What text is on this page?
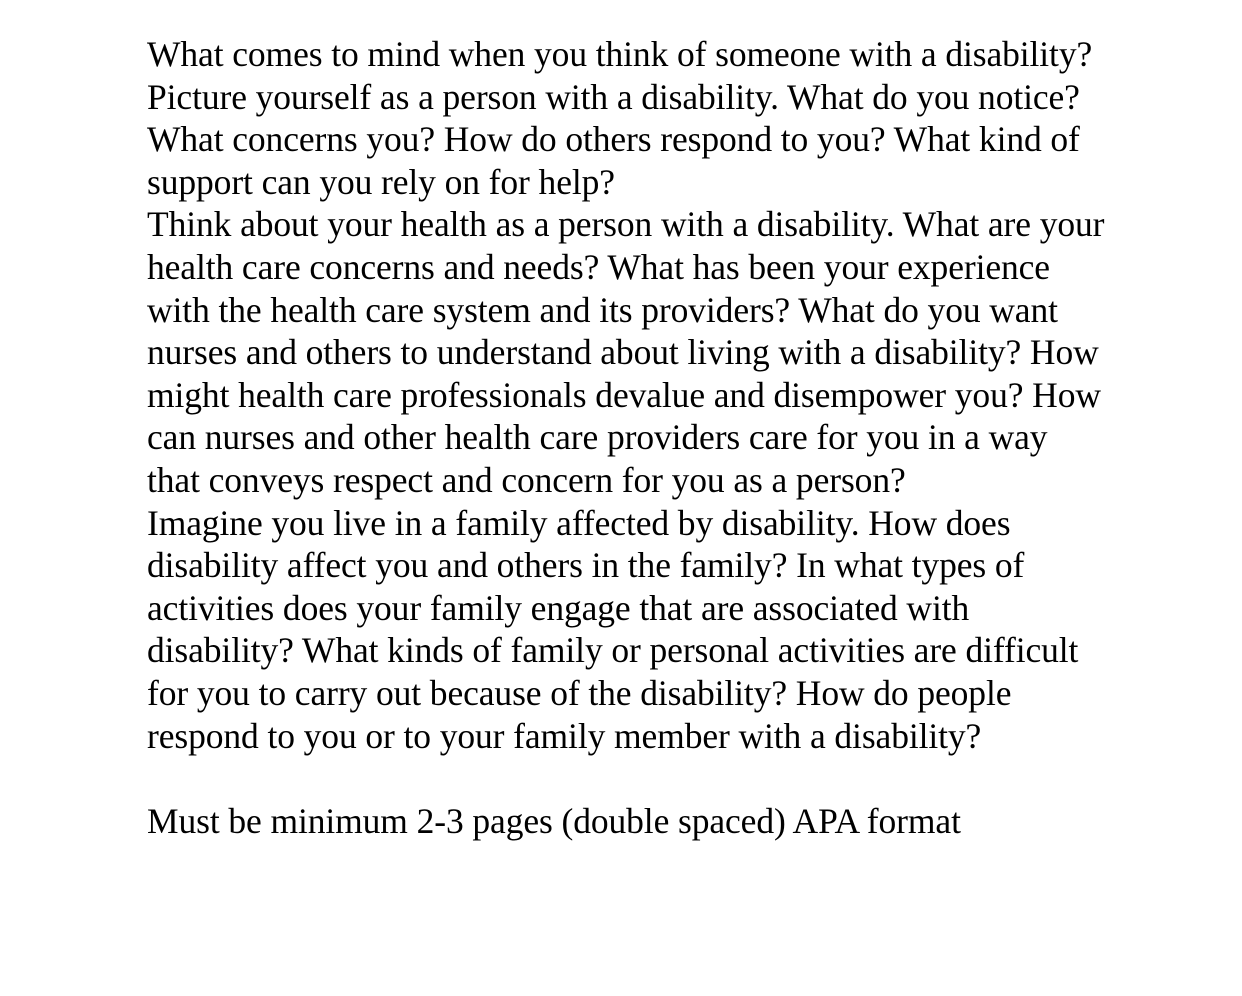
What comes to mind when you think of someone with a disability?

Picture yourself as a person with a disability. What do you notice? What concerns you? How do others respond to you? What kind of support can you rely on for help?

Think about your health as a person with a disability. What are your health care concerns and needs? What has been your experience with the health care system and its providers? What do you want nurses and others to understand about living with a disability? How might health care professionals devalue and disempower you? How can nurses and other health care providers care for you in a way that conveys respect and concern for you as a person?

Imagine you live in a family affected by disability. How does disability affect you and others in the family? In what types of activities does your family engage that are associated with disability? What kinds of family or personal activities are difficult for you to carry out because of the disability? How do people respond to you or to your family member with a disability?

Must be minimum 2-3 pages (double spaced) APA format
